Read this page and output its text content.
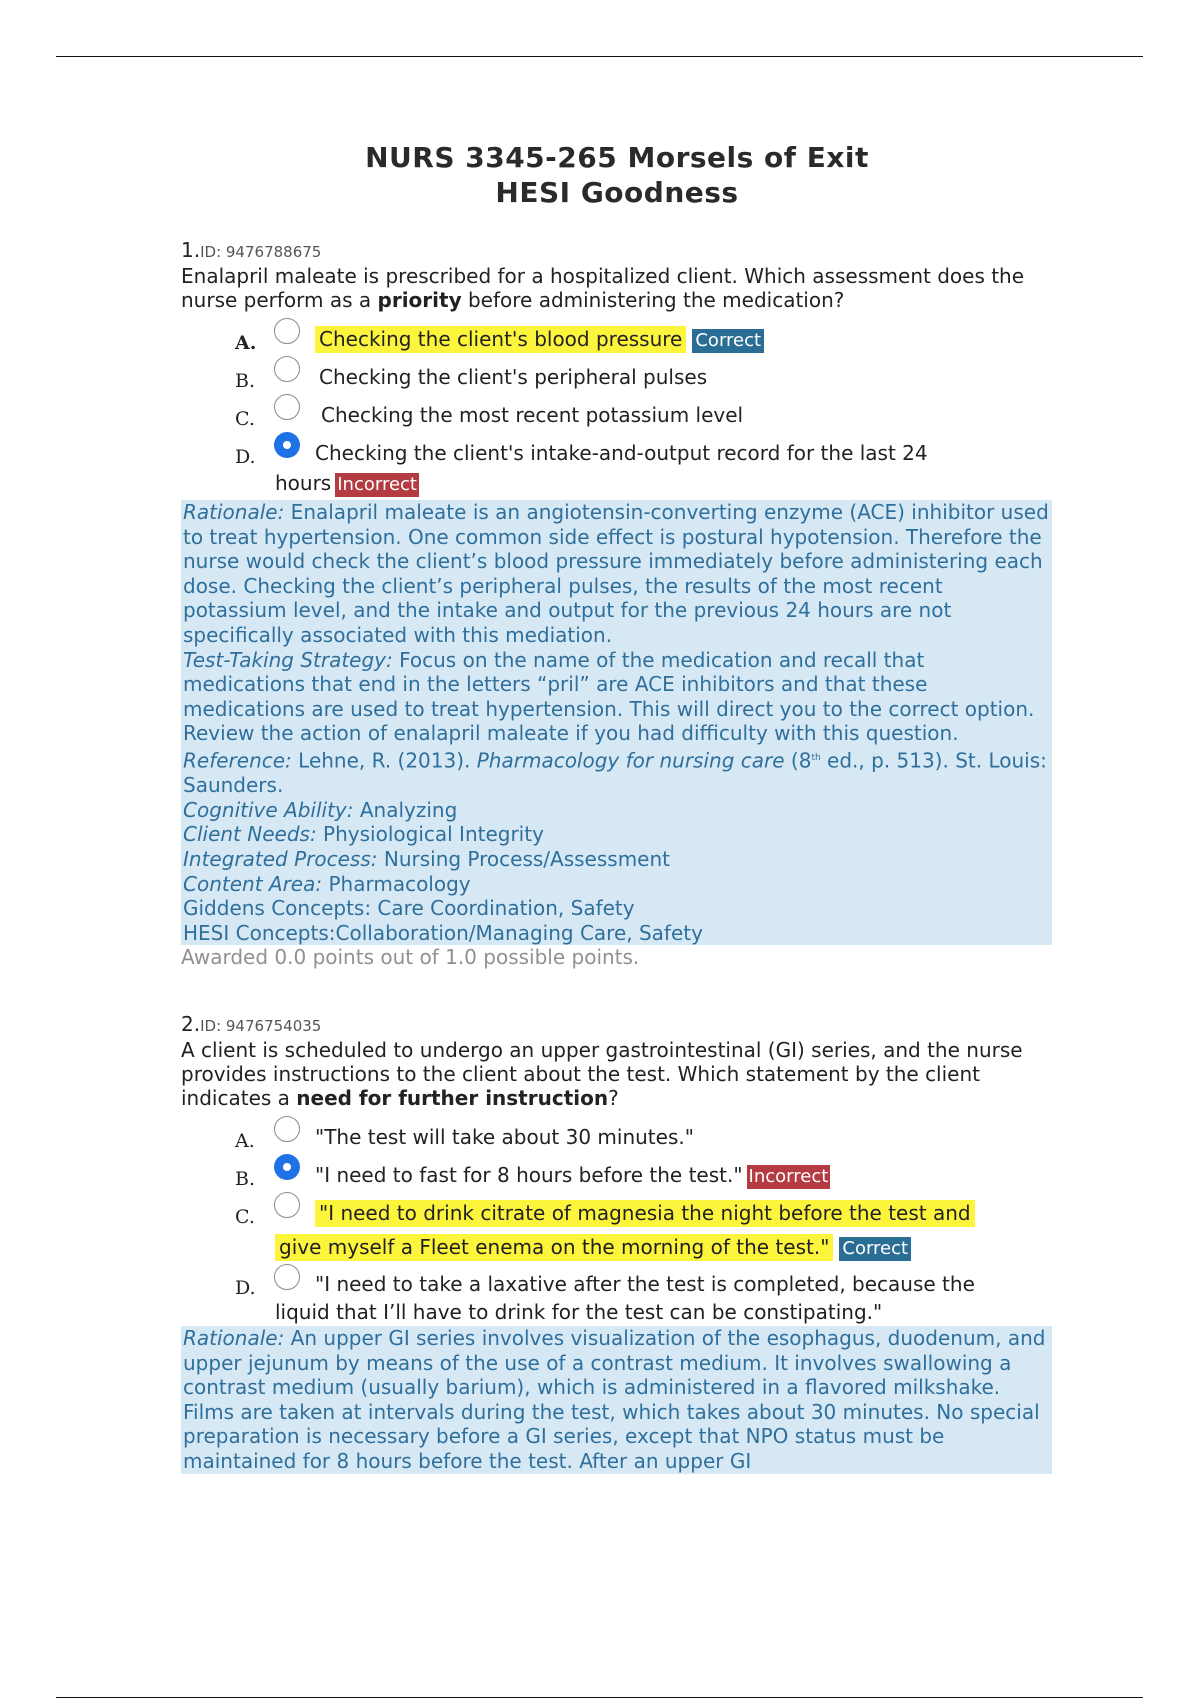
NURS 3345-265 Morsels of Exit
HESI Goodness
1.ID: 9476788675
Enalapril maleate is prescribed for a hospitalized client. Which assessment does the nurse perform as a priority before administering the medication?
A.	Checking the client's blood pressure Correct
B.	Checking the client's peripheral pulses
C.	Checking the most recent potassium level
D.	Checking the client's intake-and-output record for the last 24
hours Incorrect
Rationale: Enalapril maleate is an angiotensin-converting enzyme (ACE) inhibitor used to treat hypertension. One common side effect is postural hypotension. Therefore the nurse would check the client’s blood pressure immediately before administering each dose. Checking the client’s peripheral pulses, the results of the most recent potassium level, and the intake and output for the previous 24 hours are not specifically associated with this mediation.
Test-Taking Strategy: Focus on the name of the medication and recall that medications that end in the letters “pril” are ACE inhibitors and that these medications are used to treat hypertension. This will direct you to the correct option. Review the action of enalapril maleate if you had difficulty with this question.
Reference: Lehne, R. (2013). Pharmacology for nursing care (8th ed., p. 513). St. Louis: Saunders.
Cognitive Ability: Analyzing
Client Needs: Physiological Integrity
Integrated Process: Nursing Process/Assessment
Content Area: Pharmacology
Giddens Concepts: Care Coordination, Safety
HESI Concepts:Collaboration/Managing Care, Safety
Awarded 0.0 points out of 1.0 possible points.
2.ID: 9476754035
A client is scheduled to undergo an upper gastrointestinal (GI) series, and the nurse provides instructions to the client about the test. Which statement by the client indicates a need for further instruction?
A.	"The test will take about 30 minutes."
B.	"I need to fast for 8 hours before the test." Incorrect
C.	"I need to drink citrate of magnesia the night before the test and
give myself a Fleet enema on the morning of the test." Correct
D.	"I need to take a laxative after the test is completed, because the
liquid that I’ll have to drink for the test can be constipating."
Rationale: An upper GI series involves visualization of the esophagus, duodenum, and upper jejunum by means of the use of a contrast medium. It involves swallowing a contrast medium (usually barium), which is administered in a flavored milkshake. Films are taken at intervals during the test, which takes about 30 minutes. No special preparation is necessary before a GI series, except that NPO status must be maintained for 8 hours before the test. After an upper GI
